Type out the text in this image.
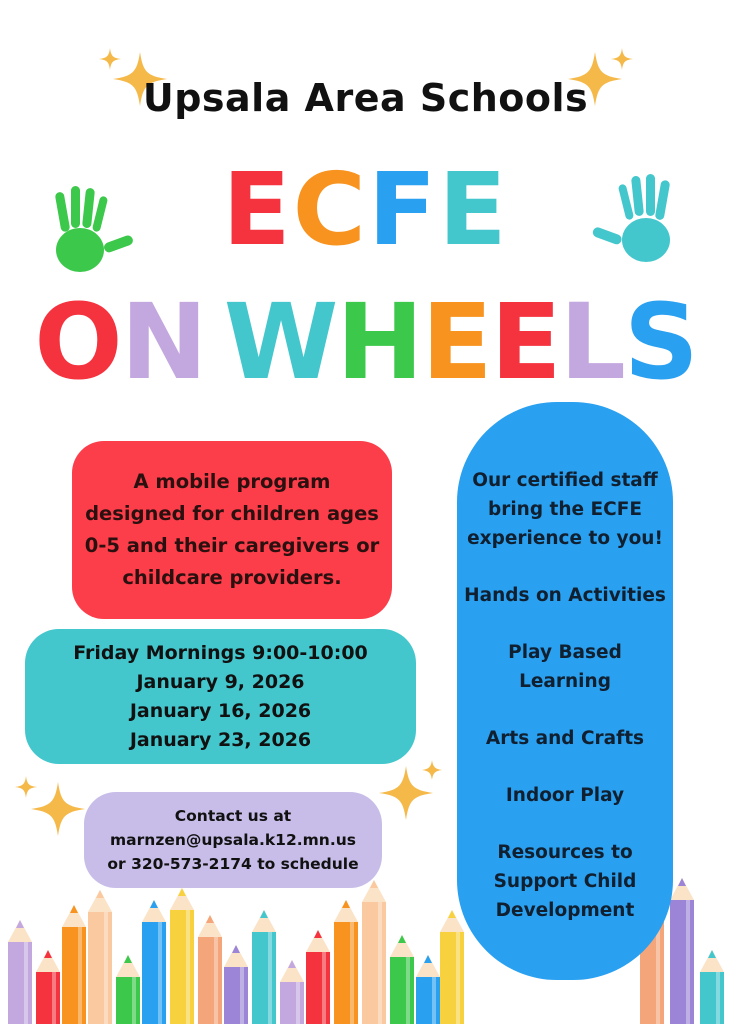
Upsala Area Schools
ECFE
ON WHEELS
A mobile program designed for children ages 0-5 and their caregivers or childcare providers.
Friday Mornings 9:00-10:00
January 9, 2026
January 16, 2026
January 23, 2026
Contact us at
marnzen@upsala.k12.mn.us
or 320-573-2174 to schedule
Our certified staff bring the ECFE experience to you!
Hands on Activities
Play Based Learning
Arts and Crafts
Indoor Play
Resources to Support Child Development
